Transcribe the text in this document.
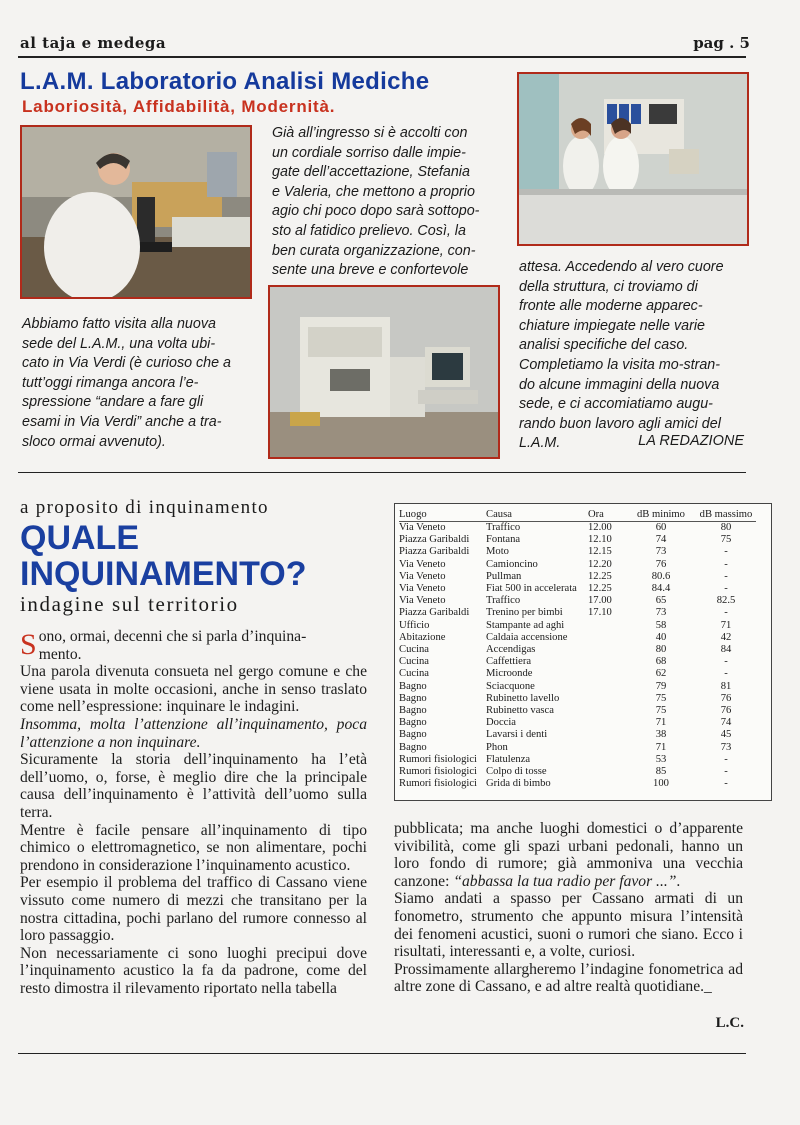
al taja e medega	pag . 5
L.A.M. Laboratorio Analisi Mediche
Laboriosità, Affidabilità, Modernità.
Già all’ingresso si è accolti con
un cordiale sorriso dalle impie-
gate dell’accettazione, Stefania
e Valeria, che mettono a proprio
agio chi poco dopo sarà sottopo-
sto al fatidico prelievo. Così, la
ben curata organizzazione, con-
sente una breve e confortevole
Abbiamo fatto visita alla nuova
sede del L.A.M., una volta ubi-
cato in Via Verdi (è curioso che a
tutt’oggi rimanga ancora l’e-
spressione “andare a fare gli
esami in Via Verdi” anche a tra-
sloco ormai avvenuto).
attesa. Accedendo al vero cuore
della struttura, ci troviamo di
fronte alle moderne apparec-
chiature impiegate nelle varie
analisi specifiche del caso.
Completiamo la visita mo-stran-
do alcune immagini della nuova
sede, e ci accomiatiamo augu-
rando buon lavoro agli amici del
L.A.M.	LA REDAZIONE
a proposito di inquinamento
QUALE
INQUINAMENTO?
indagine sul territorio

Sono, ormai, decenni che si parla d’inquina-
mento.

Una parola divenuta consueta nel gergo comune e che viene usata in molte occasioni, anche in senso traslato come nell’espressione: inquinare le indagini.

Insomma, molta l’attenzione all’inquinamento, poca l’attenzione a non inquinare.

Sicuramente la storia dell’inquinamento ha l’età dell’uomo, o, forse, è meglio dire che la principale causa dell’inquinamento è l’attività dell’uomo sulla terra.

Mentre è facile pensare all’inquinamento di tipo chimico o elettromagnetico, se non alimentare, pochi prendono in considerazione l’inquinamento acustico.

Per esempio il problema del traffico di Cassano viene vissuto come numero di mezzi che transitano per la nostra cittadina, pochi parlano del rumore connesso al loro passaggio.

Non necessariamente ci sono luoghi precipui dove l’inquinamento acustico la fa da padrone, come del resto dimostra il rilevamento riportato nella tabella

pubblicata; ma anche luoghi domestici o d’apparente vivibilità, come gli spazi urbani pedonali, hanno un loro fondo di rumore; già ammoniva una vecchia canzone: “abbassa la tua radio per favor ...”.

Siamo andati a spasso per Cassano armati di un fonometro, strumento che appunto misura l’intensità dei fenomeni acustici, suoni o rumori che siano. Ecco i risultati, interessanti e, a volte, curiosi.

Prossimamente allargheremo l’indagine fonometrica ad altre zone di Cassano, e ad altre realtà quotidiane._

L.C.
Luogo	Causa	Ora	dB minimo	dB massimo
Via Veneto	Traffico	12.00	60	80
Piazza Garibaldi	Fontana	12.10	74	75
Piazza Garibaldi	Moto	12.15	73	-
Via Veneto	Camioncino	12.20	76	-
Via Veneto	Pullman	12.25	80.6	-
Via Veneto	Fiat 500 in accelerata	12.25	84.4	-
Via Veneto	Traffico	17.00	65	82.5
Piazza Garibaldi	Trenino per bimbi	17.10	73	-
Ufficio	Stampante ad aghi		58	71
Abitazione	Caldaia accensione		40	42
Cucina	Accendigas		80	84
Cucina	Caffettiera		68	-
Cucina	Microonde		62	-
Bagno	Sciacquone		79	81
Bagno	Rubinetto lavello		75	76
Bagno	Rubinetto vasca		75	76
Bagno	Doccia		71	74
Bagno	Lavarsi i denti		38	45
Bagno	Phon		71	73
Rumori fisiologici	Flatulenza		53	-
Rumori fisiologici	Colpo di tosse		85	-
Rumori fisiologici	Grida di bimbo		100	-
